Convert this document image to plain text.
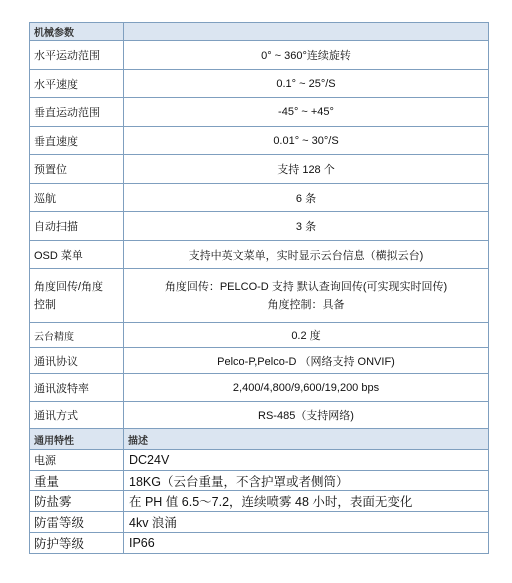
机械参数	
水平运动范围	0° ~ 360°连续旋转
水平速度	0.1° ~ 25°/S
垂直运动范围	-45° ~ +45°
垂直速度	0.01° ~ 30°/S
预置位	支持 128 个
巡航	6 条
自动扫描	3 条
OSD 菜单	支持中英文菜单，实时显示云台信息（横拟云台)

角度回传/角度
控制	角度回传：PELCO-D 支持 默认查询回传(可实现实时回传)
角度控制：具备

云台精度	0.2 度
通讯协议	Pelco-P,Pelco-D （网络支持 ONVIF)
通讯波特率	2,400/4,800/9,600/19,200 bps
通讯方式	RS-485（支持网络)
通用特性	描述
电源	DC24V
重量	18KG（云台重量，不含护罩或者侧筒）
防盐雾	在 PH 值 6.5～7.2，连续喷雾 48 小时，表面无变化
防雷等级	4kv 浪涌
防护等级	IP66
